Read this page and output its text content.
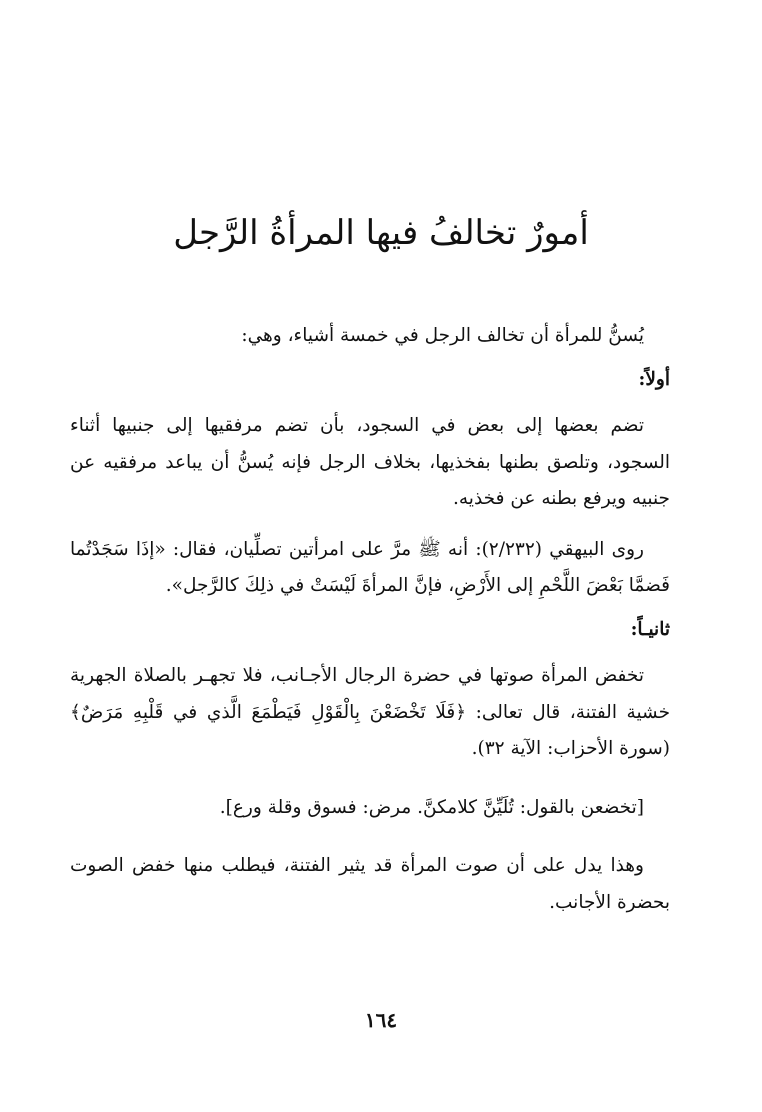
أمورٌ تخالفُ فيها المرأةُ الرَّجل

يُسنُّ للمرأة أن تخالف الرجل في خمسة أشياء، وهي:

أولاً:

تضم بعضها إلى بعض في السجود، بأن تضم مرفقيها إلى جنبيها أثناء السجود، وتلصق بطنها بفخذيها، بخلاف الرجل فإنه يُسنُّ أن يباعد مرفقيه عن جنبيه ويرفع بطنه عن فخذيه.

روى البيهقي (٢/٢٣٢): أنه ﷺ مرَّ على امرأتين تصلِّيان، فقال: «إذَا سَجَدْتُما فَضمَّا بَعْضَ اللَّحْمِ إلى الأَرْضِ، فإنَّ المرأةَ لَيْسَتْ في ذلِكَ كالرَّجل».

ثانيـاً:

تخفض المرأة صوتها في حضرة الرجال الأجـانب، فلا تجهـر بالصلاة الجهرية خشية الفتنة، قال تعالى: ﴿فَلَا تَخْضَعْنَ بِالْقَوْلِ فَيَطْمَعَ الَّذي في قَلْبِهِ مَرَضٌ﴾(سورة الأحزاب: الآية ٣٢).

[تخضعن بالقول: تُلَيِّنَّ كلامكنَّ. مرض: فسوق وقلة ورع].

وهذا يدل على أن صوت المرأة قد يثير الفتنة، فيطلب منها خفض الصوت بحضرة الأجانب.

١٦٤
